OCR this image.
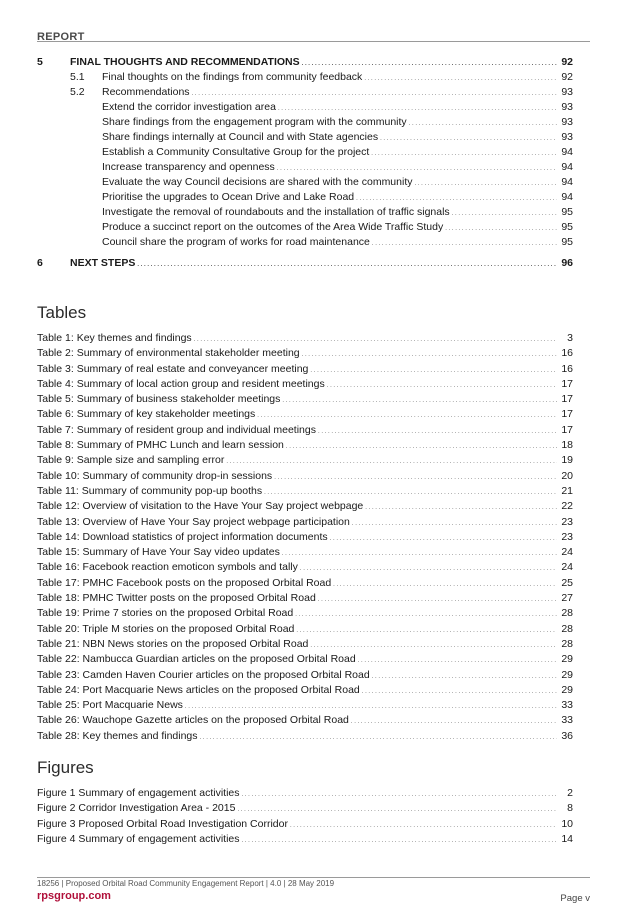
REPORT
5	FINAL THOUGHTS AND RECOMMENDATIONS . . .	92
5.1	Final thoughts on the findings from community feedback . . .	92
5.2	Recommendations . . .	93
Extend the corridor investigation area . . .	93
Share findings from the engagement program with the community . . .	93
Share findings internally at Council and with State agencies . . .	93
Establish a Community Consultative Group for the project . . .	94
Increase transparency and openness . . .	94
Evaluate the way Council decisions are shared with the community . . .	94
Prioritise the upgrades to Ocean Drive and Lake Road . . .	94
Investigate the removal of roundabouts and the installation of traffic signals . . .	95
Produce a succinct report on the outcomes of the Area Wide Traffic Study . . .	95
Council share the program of works for road maintenance . . .	95
6	NEXT STEPS . . .	96
Tables
Table 1: Key themes and findings . . .	3
Table 2: Summary of environmental stakeholder meeting . . .	16
Table 3: Summary of real estate and conveyancer meeting . . .	16
Table 4: Summary of local action group and resident meetings . . .	17
Table 5: Summary of business stakeholder meetings . . .	17
Table 6: Summary of key stakeholder meetings . . .	17
Table 7: Summary of resident group and individual meetings . . .	17
Table 8: Summary of PMHC Lunch and learn session . . .	18
Table 9: Sample size and sampling error . . .	19
Table 10: Summary of community drop-in sessions . . .	20
Table 11: Summary of community pop-up booths . . .	21
Table 12: Overview of visitation to the Have Your Say project webpage . . .	22
Table 13: Overview of Have Your Say project webpage participation . . .	23
Table 14: Download statistics of project information documents . . .	23
Table 15: Summary of Have Your Say video updates . . .	24
Table 16: Facebook reaction emoticon symbols and tally . . .	24
Table 17: PMHC Facebook posts on the proposed Orbital Road . . .	25
Table 18: PMHC Twitter posts on the proposed Orbital Road . . .	27
Table 19: Prime 7 stories on the proposed Orbital Road . . .	28
Table 20: Triple M stories on the proposed Orbital Road . . .	28
Table 21: NBN News stories on the proposed Orbital Road . . .	28
Table 22: Nambucca Guardian articles on the proposed Orbital Road . . .	29
Table 23: Camden Haven Courier articles on the proposed Orbital Road . . .	29
Table 24: Port Macquarie News articles on the proposed Orbital Road . . .	29
Table 25: Port Macquarie News . . .	33
Table 26: Wauchope Gazette articles on the proposed Orbital Road . . .	33
Table 28: Key themes and findings . . .	36
Figures
Figure 1 Summary of engagement activities . . .	2
Figure 2 Corridor Investigation Area - 2015 . . .	8
Figure 3 Proposed Orbital Road Investigation Corridor . . .	10
Figure 4 Summary of engagement activities . . .	14
18256 | Proposed Orbital Road Community Engagement Report | 4.0 | 28 May 2019
rpsgroup.com	Page v
